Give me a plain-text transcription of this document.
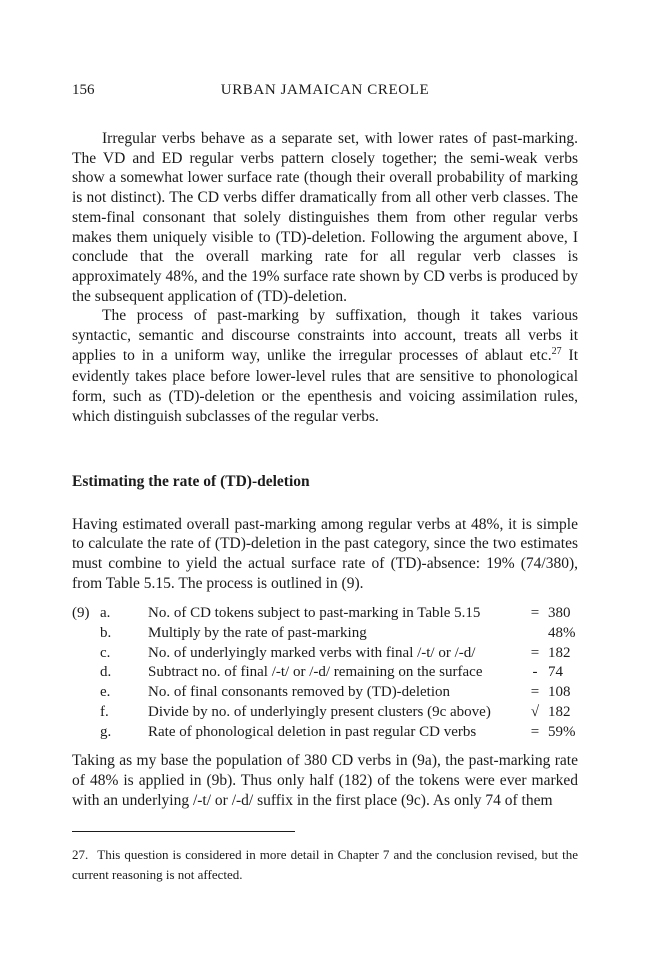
156	URBAN JAMAICAN CREOLE

Irregular verbs behave as a separate set, with lower rates of past-marking. The VD and ED regular verbs pattern closely together; the semi-weak verbs show a somewhat lower surface rate (though their overall probability of marking is not distinct). The CD verbs differ dramatically from all other verb classes. The stem-final consonant that solely distinguishes them from other regular verbs makes them uniquely visible to (TD)-deletion. Following the argument above, I conclude that the overall marking rate for all regular verb classes is approximately 48%, and the 19% surface rate shown by CD verbs is produced by the subsequent application of (TD)-deletion.

The process of past-marking by suffixation, though it takes various syntactic, semantic and discourse constraints into account, treats all verbs it applies to in a uniform way, unlike the irregular processes of ablaut etc.$^{27}$ It evidently takes place before lower-level rules that are sensitive to phonological form, such as (TD)-deletion or the epenthesis and voicing assimilation rules, which distinguish subclasses of the regular verbs.

Estimating the rate of (TD)-deletion

Having estimated overall past-marking among regular verbs at 48%, it is simple to calculate the rate of (TD)-deletion in the past category, since the two estimates must combine to yield the actual surface rate of (TD)-absence: 19% (74/380), from Table 5.15. The process is outlined in (9).

(9) a.	No. of CD tokens subject to past-marking in Table 5.15	= 380
b.	Multiply by the rate of past-marking	48%
c.	No. of underlyingly marked verbs with final /-t/ or /-d/	= 182
d.	Subtract no. of final /-t/ or /-d/ remaining on the surface	- 74
e.	No. of final consonants removed by (TD)-deletion	= 108
f.	Divide by no. of underlyingly present clusters (9c above)	√ 182
g.	Rate of phonological deletion in past regular CD verbs	= 59%

Taking as my base the population of 380 CD verbs in (9a), the past-marking rate of 48% is applied in (9b). Thus only half (182) of the tokens were ever marked with an underlying /-t/ or /-d/ suffix in the first place (9c). As only 74 of them

27. This question is considered in more detail in Chapter 7 and the conclusion revised, but the current reasoning is not affected.
